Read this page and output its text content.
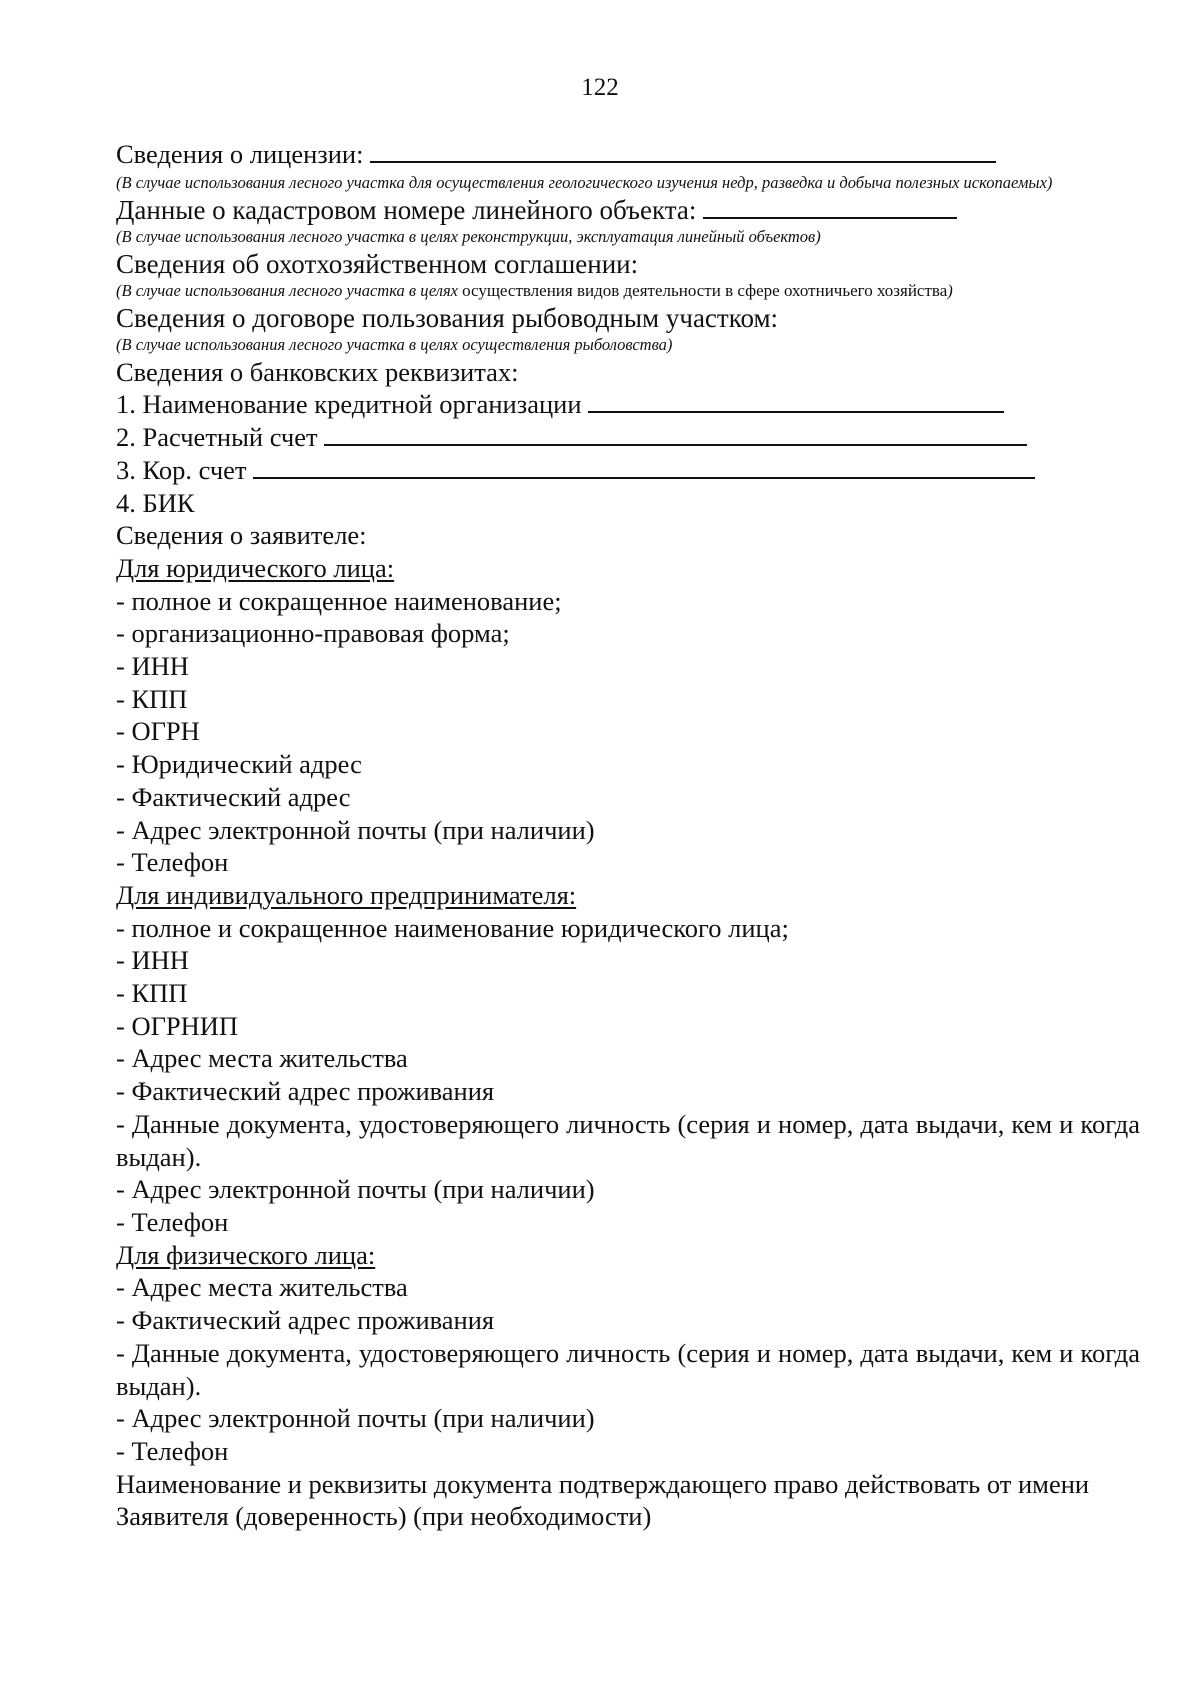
122
Сведения о лицензии:
(В случае использования лесного участка для осуществления геологического изучения недр, разведка и добыча полезных ископаемых)
Данные о кадастровом номере линейного объекта:
(В случае использования лесного участка в целях реконструкции, эксплуатация линейный объектов)
Сведения об охотхозяйственном соглашении:
(В случае использования лесного участка в целях осуществления видов деятельности в сфере охотничьего хозяйства)
Сведения о договоре пользования рыбоводным участком:
(В случае использования лесного участка в целях осуществления рыболовства)
Сведения о банковских реквизитах:
1. Наименование кредитной организации
2. Расчетный счет
3. Кор. счет
4. БИК
Сведения о заявителе:
Для юридического лица:
- полное и сокращенное наименование;
- организационно-правовая форма;
- ИНН
- КПП
- ОГРН
- Юридический адрес
- Фактический адрес
- Адрес электронной почты (при наличии)
- Телефон
Для индивидуального предпринимателя:
- полное и сокращенное наименование юридического лица;
- ИНН
- КПП
- ОГРНИП
- Адрес места жительства
- Фактический адрес проживания
- Данные документа, удостоверяющего личность (серия и номер, дата выдачи, кем и когда выдан).
- Адрес электронной почты (при наличии)
- Телефон
Для физического лица:
- Адрес места жительства
- Фактический адрес проживания
- Данные документа, удостоверяющего личность (серия и номер, дата выдачи, кем и когда выдан).
- Адрес электронной почты (при наличии)
- Телефон
Наименование и реквизиты документа подтверждающего право действовать от имени Заявителя (доверенность) (при необходимости)
